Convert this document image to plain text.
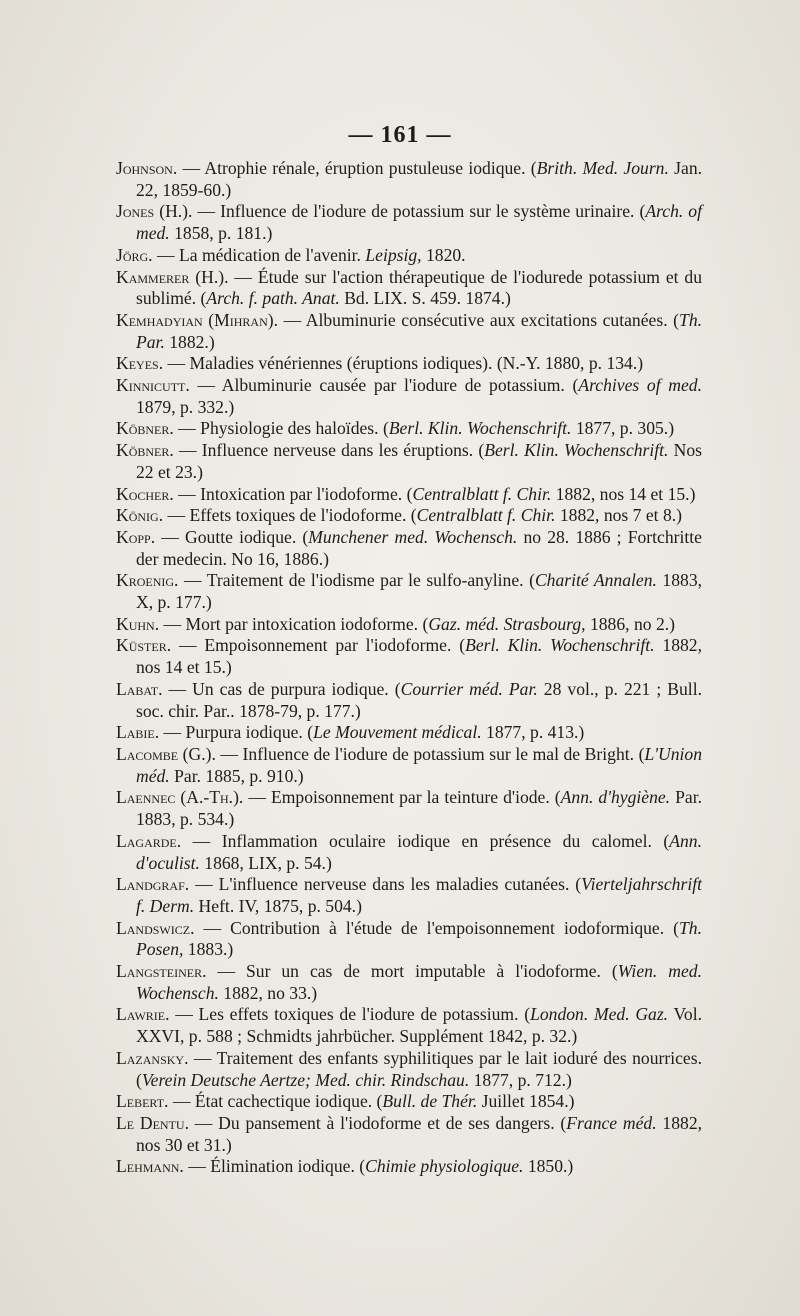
— 161 —
Johnson. — Atrophie rénale, éruption pustuleuse iodique. (Brith. Med. Journ. Jan. 22, 1859-60.)
Jones (H.). — Influence de l'iodure de potassium sur le système urinaire. (Arch. of med. 1858, p. 181.)
Jörg. — La médication de l'avenir. Leipsig, 1820.
Kammerer (H.). — Étude sur l'action thérapeutique de l'iodurede potassium et du sublimé. (Arch. f. path. Anat. Bd. LIX. S. 459. 1874.)
Kemhadyian (Mihran). — Albuminurie consécutive aux excitations cutanées. (Th. Par. 1882.)
Keyes. — Maladies vénériennes (éruptions iodiques). (N.-Y. 1880, p. 134.)
Kinnicutt. — Albuminurie causée par l'iodure de potassium. (Archives of med. 1879, p. 332.)
Köbner. — Physiologie des haloïdes. (Berl. Klin. Wochenschrift. 1877, p. 305.)
Köbner. — Influence nerveuse dans les éruptions. (Berl. Klin. Wochenschrift. Nos 22 et 23.)
Kocher. — Intoxication par l'iodoforme. (Centralblatt f. Chir. 1882, nos 14 et 15.)
König. — Effets toxiques de l'iodoforme. (Centralblatt f. Chir. 1882, nos 7 et 8.)
Kopp. — Goutte iodique. (Munchener med. Wochensch. no 28. 1886 ; Fortchritte der medecin. No 16, 1886.)
Kroenig. — Traitement de l'iodisme par le sulfo-anyline. (Charité Annalen. 1883, X, p. 177.)
Kuhn. — Mort par intoxication iodoforme. (Gaz. méd. Strasbourg, 1886, no 2.)
Küster. — Empoisonnement par l'iodoforme. (Berl. Klin. Wochenschrift. 1882, nos 14 et 15.)
Labat. — Un cas de purpura iodique. (Courrier méd. Par. 28 vol., p. 221 ; Bull. soc. chir. Par.. 1878-79, p. 177.)
Labie. — Purpura iodique. (Le Mouvement médical. 1877, p. 413.)
Lacombe (G.). — Influence de l'iodure de potassium sur le mal de Bright. (L'Union méd. Par. 1885, p. 910.)
Laennec (A.-Th.). — Empoisonnement par la teinture d'iode. (Ann. d'hygiène. Par. 1883, p. 534.)
Lagarde. — Inflammation oculaire iodique en présence du calomel. (Ann. d'oculist. 1868, LIX, p. 54.)
Landgraf. — L'influence nerveuse dans les maladies cutanées. (Vierteljahrschrift f. Derm. Heft. IV, 1875, p. 504.)
Landswicz. — Contribution à l'étude de l'empoisonnement iodoformique. (Th. Posen, 1883.)
Langsteiner. — Sur un cas de mort imputable à l'iodoforme. (Wien. med. Wochensch. 1882, no 33.)
Lawrie. — Les effets toxiques de l'iodure de potassium. (London. Med. Gaz. Vol. XXVI, p. 588 ; Schmidts jahrbücher. Supplément 1842, p. 32.)
Lazansky. — Traitement des enfants syphilitiques par le lait ioduré des nourrices. (Verein Deutsche Aertze; Med. chir. Rindschau. 1877, p. 712.)
Lebert. — État cachectique iodique. (Bull. de Thér. Juillet 1854.)
Le Dentu. — Du pansement à l'iodoforme et de ses dangers. (France méd. 1882, nos 30 et 31.)
Lehmann. — Élimination iodique. (Chimie physiologique. 1850.)
